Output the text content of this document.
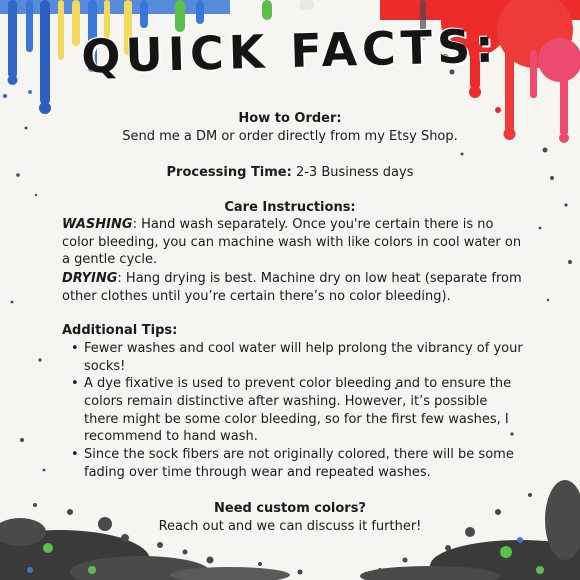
QUICK FACTS:
How to Order:
Send me a DM or order directly from my Etsy Shop.
Processing Time: 2-3 Business days
Care Instructions:
WASHING: Hand wash separately. Once you're certain there is no color bleeding, you can machine wash with like colors in cool water on a gentle cycle.
DRYING: Hang drying is best. Machine dry on low heat (separate from other clothes until you’re certain there’s no color bleeding).
Additional Tips:
• Fewer washes and cool water will help prolong the vibrancy of your socks!
• A dye fixative is used to prevent color bleeding and to ensure the colors remain distinctive after washing. However, it’s possible there might be some color bleeding, so for the first few washes, I recommend to hand wash.
• Since the sock fibers are not originally colored, there will be some fading over time through wear and repeated washes.
Need custom colors?
Reach out and we can discuss it further!
